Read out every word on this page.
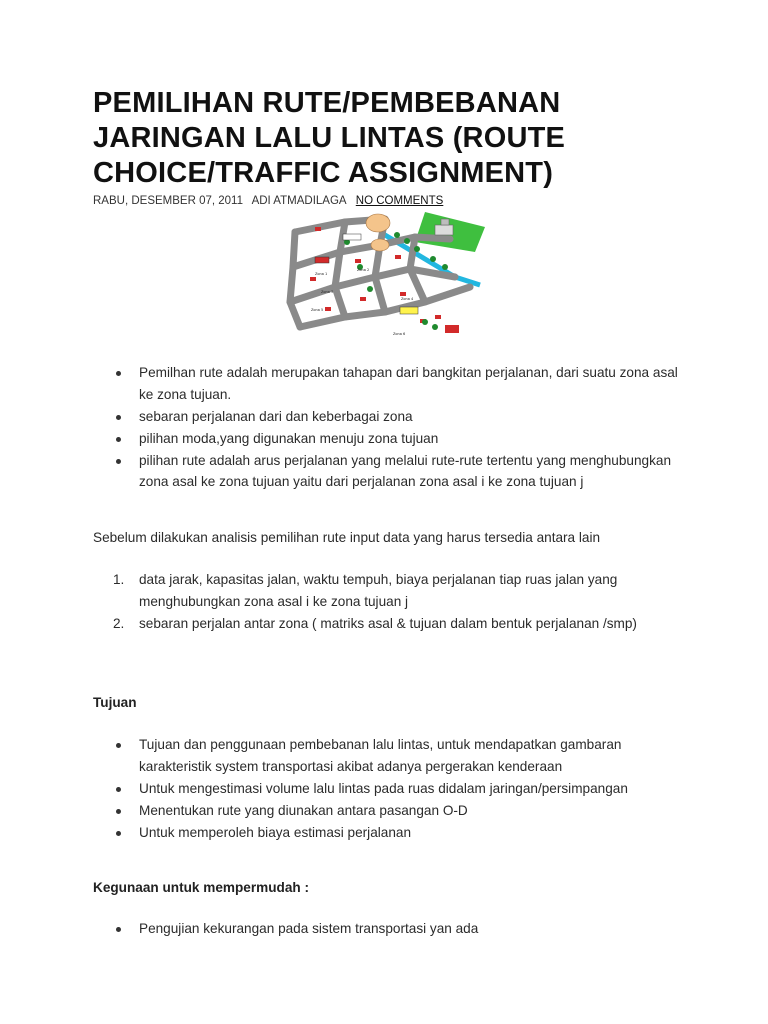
PEMILIHAN RUTE/PEMBEBANAN JARINGAN LALU LINTAS (ROUTE CHOICE/TRAFFIC ASSIGNMENT)
RABU, DESEMBER 07, 2011 ADI ATMADILAGA NO COMMENTS
Zona 1
Zona 2
Zona 3
Zona 4
Zona 5
Zona 6
Pemilhan rute adalah merupakan tahapan dari bangkitan perjalanan, dari suatu zona asal ke zona tujuan.
sebaran perjalanan dari dan keberbagai zona
pilihan moda,yang digunakan menuju zona tujuan
pilihan rute adalah arus perjalanan yang melalui rute-rute tertentu yang menghubungkan zona asal ke zona tujuan yaitu dari perjalanan zona asal i ke zona tujuan j

Sebelum dilakukan analisis pemilihan rute input data yang harus tersedia antara lain

1. data jarak, kapasitas jalan, waktu tempuh, biaya perjalanan tiap ruas jalan yang menghubungkan zona asal i ke zona tujuan j
2. sebaran perjalan antar zona ( matriks asal & tujuan dalam bentuk perjalanan /smp)

Tujuan

Tujuan dan penggunaan pembebanan lalu lintas, untuk mendapatkan gambaran karakteristik system transportasi akibat adanya pergerakan kenderaan
Untuk mengestimasi volume lalu lintas pada ruas didalam jaringan/persimpangan
Menentukan rute yang diunakan antara pasangan O-D
Untuk memperoleh biaya estimasi perjalanan

Kegunaan untuk mempermudah :

Pengujian kekurangan pada sistem transportasi yan ada
